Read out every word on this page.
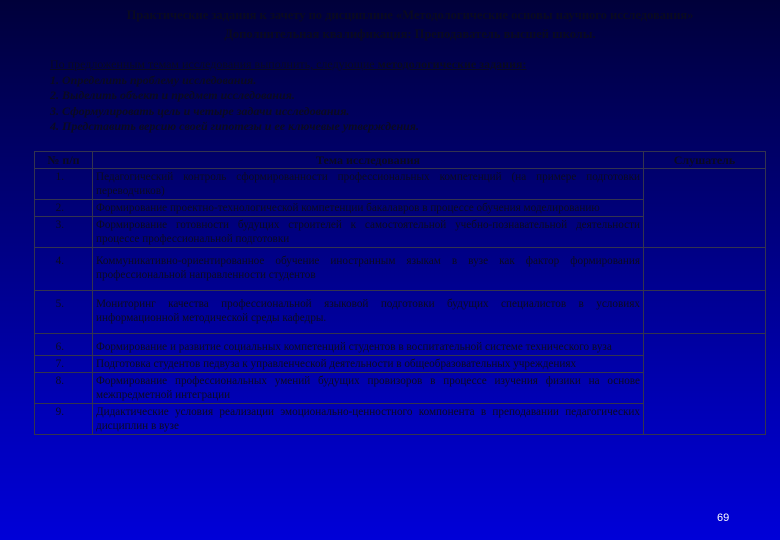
Практические задания к зачету по дисциплине «Методологические основы научного исследования»
Дополнительная квалификация: Преподаватель высшей школы.
По предложенным темам исследования выполнить, следующие методологические задания:
1. Определить проблему исследования.
2. Выделить объект и предмет исследования.
3. Сформулировать цель и четыре задачи исследования.
4. Представить версию своей гипотезы и ее ключевые утверждения.
№ п/п	Тема исследования	Слушатель
1.	Педагогический контроль сформированности профессиональных компетенций (на примере подготовки переводчиков)	
2.	Формирование проектно-технологической компетенции бакалавров в процессе обучения моделированию	
3.	Формирование готовности будущих строителей к самостоятельной учебно-познавательной деятельности процессе профессиональной подготовки	
4.	Коммуникативно-ориентированное обучение иностранным языкам в вузе как фактор формирования профессиональной направленности студентов	
5.	Мониторинг качества профессиональной языковой подготовки будущих специалистов в условиях информационной методической среды кафедры.	
6.	Формирование и развитие социальных компетенций студентов в воспитательной системе технического вуза	
7.	Подготовка студентов педвуза к управленческой деятельности в общеобразовательных учреждениях	
8.	Формирование профессиональных умений будущих провизоров в процессе изучения физики на основе межпредметной интеграции	
9.	Дидактические условия реализации эмоционально-ценностного компонента в преподавании педагогических дисциплин в вузе	
69
